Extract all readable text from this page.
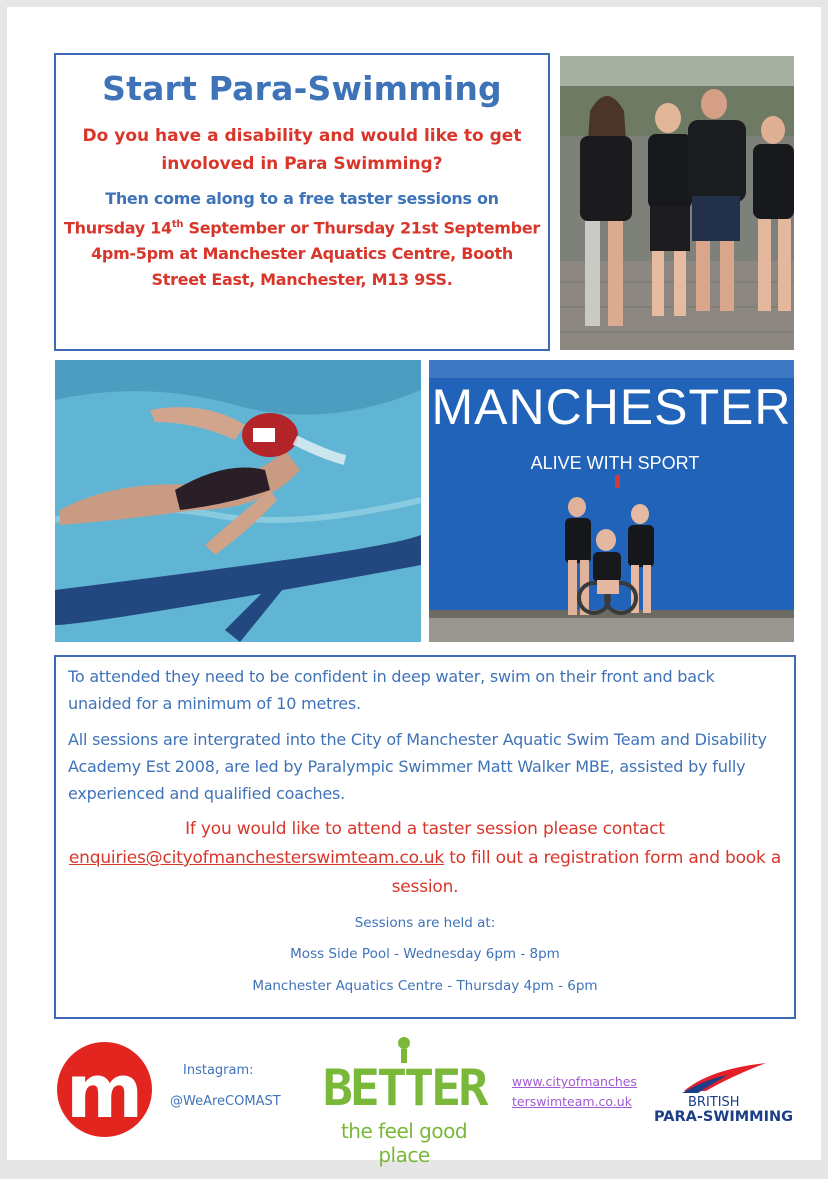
Start Para-Swimming
Do you have a disability and would like to get involoved in Para Swimming?
Then come along to a free taster sessions on Thursday 14th September or Thursday 21st September 4pm-5pm at Manchester Aquatics Centre, Booth Street East, Manchester, M13 9SS.
MANCHESTER
ALIVE WITH SPORT

To attended they need to be confident in deep water, swim on their front and back unaided for a minimum of 10 metres.

All sessions are intergrated into the City of Manchester Aquatic Swim Team and Disability Academy Est 2008, are led by Paralympic Swimmer Matt Walker MBE, assisted by fully experienced and qualified coaches.

If you would like to attend a taster session please contact enquiries@cityofmanchesterswimteam.co.uk to fill out a registration form and book a session.

Sessions are held at:

Moss Side Pool - Wednesday 6pm - 8pm

Manchester Aquatics Centre - Thursday 4pm - 6pm

m	Instagram:
@WeAreCOMAST BETTER
the feel good place
www.cityofmanches
terswimteam.co.uk	BRITISH
PARA-SWIMMING
